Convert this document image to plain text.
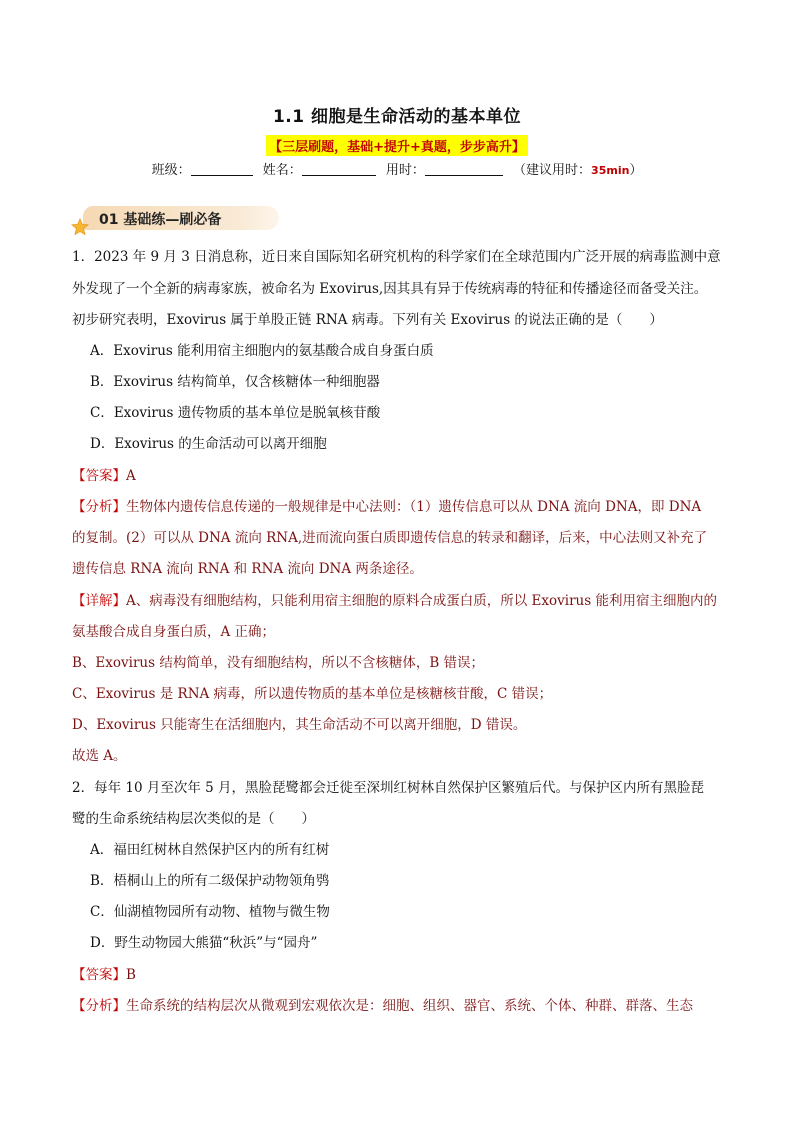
1.1 细胞是生命活动的基本单位
【三层刷题，基础+提升+真题，步步高升】
班级：	姓名：	用时：	（建议用时：35min）
01 基础练—刷必备
1．2023 年 9 月 3 日消息称，近日来自国际知名研究机构的科学家们在全球范围内广泛开展的病毒监测中意
外发现了一个全新的病毒家族，被命名为 Exovirus,因其具有异于传统病毒的特征和传播途径而备受关注。
初步研究表明，Exovirus 属于单股正链 RNA 病毒。下列有关 Exovirus 的说法正确的是（　　）
A．Exovirus 能利用宿主细胞内的氨基酸合成自身蛋白质
B．Exovirus 结构简单，仅含核糖体一种细胞器
C．Exovirus 遗传物质的基本单位是脱氧核苷酸
D．Exovirus 的生命活动可以离开细胞
【答案】A
【分析】生物体内遗传信息传递的一般规律是中心法则：（1）遗传信息可以从 DNA 流向 DNA，即 DNA
的复制。(2）可以从 DNA 流向 RNA,进而流向蛋白质即遗传信息的转录和翻译，后来，中心法则又补充了
遗传信息 RNA 流向 RNA 和 RNA 流向 DNA 两条途径。
【详解】A、病毒没有细胞结构，只能利用宿主细胞的原料合成蛋白质，所以 Exovirus 能利用宿主细胞内的
氨基酸合成自身蛋白质，A 正确；
B、Exovirus 结构简单，没有细胞结构，所以不含核糖体，B 错误；
C、Exovirus 是 RNA 病毒，所以遗传物质的基本单位是核糖核苷酸，C 错误；
D、Exovirus 只能寄生在活细胞内，其生命活动不可以离开细胞，D 错误。
故选 A。
2．每年 10 月至次年 5 月，黑脸琵鹭都会迁徙至深圳红树林自然保护区繁殖后代。与保护区内所有黑脸琵
鹭的生命系统结构层次类似的是（　　）
A．福田红树林自然保护区内的所有红树
B．梧桐山上的所有二级保护动物领角鸮
C．仙湖植物园所有动物、植物与微生物
D．野生动物园大熊猫“秋浜”与“园舟”
【答案】B
【分析】生命系统的结构层次从微观到宏观依次是：细胞、组织、器官、系统、个体、种群、群落、生态
